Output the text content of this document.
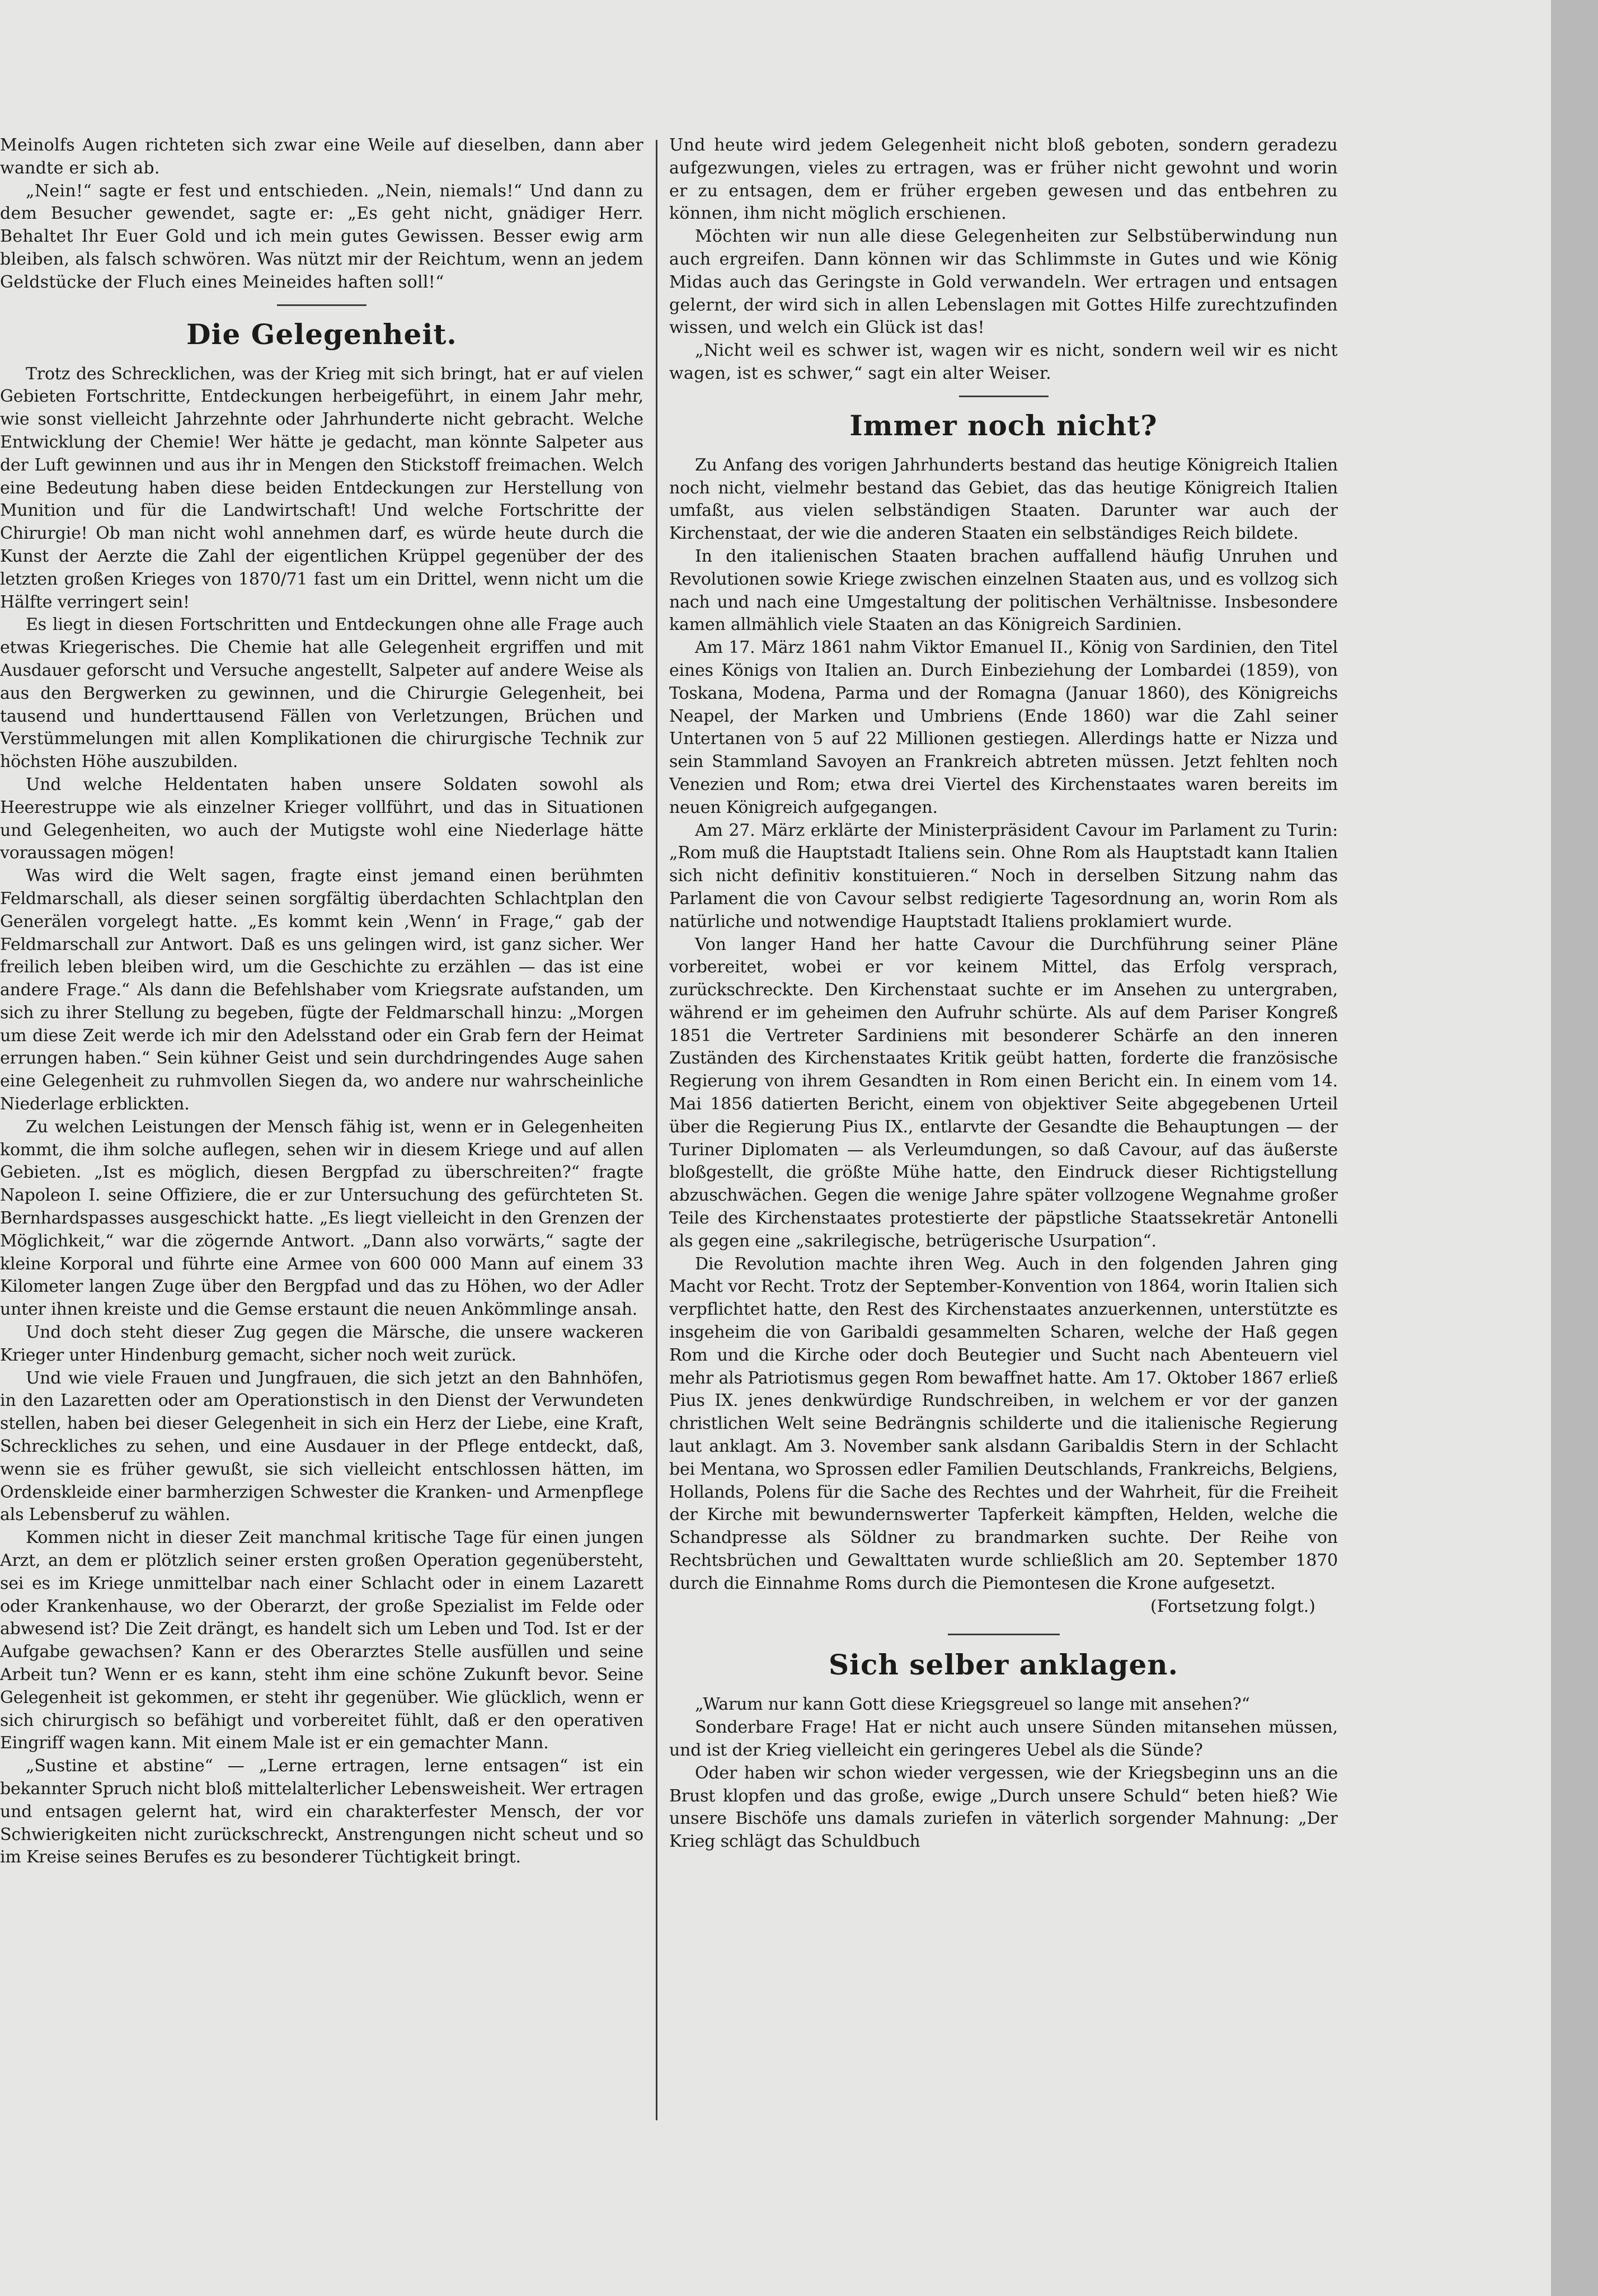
Meinolfs Augen richteten sich zwar eine Weile auf dieselben, dann aber wandte er sich ab.

„Nein!“ sagte er fest und entschieden. „Nein, niemals!“ Und dann zu dem Besucher gewendet, sagte er: „Es geht nicht, gnädiger Herr. Behaltet Ihr Euer Gold und ich mein gutes Gewissen. Besser ewig arm bleiben, als falsch schwören. Was nützt mir der Reichtum, wenn an jedem Geldstücke der Fluch eines Meineides haften soll!“

Die Gelegenheit.

Trotz des Schrecklichen, was der Krieg mit sich bringt, hat er auf vielen Gebieten Fortschritte, Entdeckungen herbeigeführt, in einem Jahr mehr, wie sonst vielleicht Jahrzehnte oder Jahrhunderte nicht gebracht. Welche Entwicklung der Chemie! Wer hätte je gedacht, man könnte Salpeter aus der Luft gewinnen und aus ihr in Mengen den Stickstoff freimachen. Welch eine Bedeutung haben diese beiden Entdeckungen zur Herstellung von Munition und für die Landwirtschaft! Und welche Fortschritte der Chirurgie! Ob man nicht wohl annehmen darf, es würde heute durch die Kunst der Aerzte die Zahl der eigentlichen Krüppel gegenüber der des letzten großen Krieges von 1870/71 fast um ein Drittel, wenn nicht um die Hälfte verringert sein!

Es liegt in diesen Fortschritten und Entdeckungen ohne alle Frage auch etwas Kriegerisches. Die Chemie hat alle Gelegenheit ergriffen und mit Ausdauer geforscht und Versuche angestellt, Salpeter auf andere Weise als aus den Bergwerken zu gewinnen, und die Chirurgie Gelegenheit, bei tausend und hunderttausend Fällen von Verletzungen, Brüchen und Verstümmelungen mit allen Komplikationen die chirurgische Technik zur höchsten Höhe auszubilden.

Und welche Heldentaten haben unsere Soldaten sowohl als Heerestruppe wie als einzelner Krieger vollführt, und das in Situationen und Gelegenheiten, wo auch der Mutigste wohl eine Niederlage hätte voraussagen mögen!

Was wird die Welt sagen, fragte einst jemand einen berühmten Feldmarschall, als dieser seinen sorgfältig überdachten Schlachtplan den Generälen vorgelegt hatte. „Es kommt kein ‚Wenn‘ in Frage,“ gab der Feldmarschall zur Antwort. Daß es uns gelingen wird, ist ganz sicher. Wer freilich leben bleiben wird, um die Geschichte zu erzählen — das ist eine andere Frage.“ Als dann die Befehlshaber vom Kriegsrate aufstanden, um sich zu ihrer Stellung zu begeben, fügte der Feldmarschall hinzu: „Morgen um diese Zeit werde ich mir den Adelsstand oder ein Grab fern der Heimat errungen haben.“ Sein kühner Geist und sein durchdringendes Auge sahen eine Gelegenheit zu ruhmvollen Siegen da, wo andere nur wahrscheinliche Niederlage erblickten.

Zu welchen Leistungen der Mensch fähig ist, wenn er in Gelegenheiten kommt, die ihm solche auflegen, sehen wir in diesem Kriege und auf allen Gebieten. „Ist es möglich, diesen Bergpfad zu überschreiten?“ fragte Napoleon I. seine Offiziere, die er zur Untersuchung des gefürchteten St. Bernhardspasses ausgeschickt hatte. „Es liegt vielleicht in den Grenzen der Möglichkeit,“ war die zögernde Antwort. „Dann also vorwärts,“ sagte der kleine Korporal und führte eine Armee von 600 000 Mann auf einem 33 Kilometer langen Zuge über den Bergpfad und das zu Höhen, wo der Adler unter ihnen kreiste und die Gemse erstaunt die neuen Ankömmlinge ansah.

Und doch steht dieser Zug gegen die Märsche, die unsere wackeren Krieger unter Hindenburg gemacht, sicher noch weit zurück.

Und wie viele Frauen und Jungfrauen, die sich jetzt an den Bahnhöfen, in den Lazaretten oder am Operationstisch in den Dienst der Verwundeten stellen, haben bei dieser Gelegenheit in sich ein Herz der Liebe, eine Kraft, Schreckliches zu sehen, und eine Ausdauer in der Pflege entdeckt, daß, wenn sie es früher gewußt, sie sich vielleicht entschlossen hätten, im Ordenskleide einer barmherzigen Schwester die Kranken- und Armenpflege als Lebensberuf zu wählen.

Kommen nicht in dieser Zeit manchmal kritische Tage für einen jungen Arzt, an dem er plötzlich seiner ersten großen Operation gegenübersteht, sei es im Kriege unmittelbar nach einer Schlacht oder in einem Lazarett oder Krankenhause, wo der Oberarzt, der große Spezialist im Felde oder abwesend ist? Die Zeit drängt, es handelt sich um Leben und Tod. Ist er der Aufgabe gewachsen? Kann er des Oberarztes Stelle ausfüllen und seine Arbeit tun? Wenn er es kann, steht ihm eine schöne Zukunft bevor. Seine Gelegenheit ist gekommen, er steht ihr gegenüber. Wie glücklich, wenn er sich chirurgisch so befähigt und vorbereitet fühlt, daß er den operativen Eingriff wagen kann. Mit einem Male ist er ein gemachter Mann.

„Sustine et abstine“ — „Lerne ertragen, lerne entsagen“ ist ein bekannter Spruch nicht bloß mittelalterlicher Lebensweisheit. Wer ertragen und entsagen gelernt hat, wird ein charakterfester Mensch, der vor Schwierigkeiten nicht zurückschreckt, Anstrengungen nicht scheut und so im Kreise seines Berufes es zu besonderer Tüchtigkeit bringt.

Und heute wird jedem Gelegenheit nicht bloß geboten, sondern geradezu aufgezwungen, vieles zu ertragen, was er früher nicht gewohnt und worin er zu entsagen, dem er früher ergeben gewesen und das entbehren zu können, ihm nicht möglich erschienen.

Möchten wir nun alle diese Gelegenheiten zur Selbstüberwindung nun auch ergreifen. Dann können wir das Schlimmste in Gutes und wie König Midas auch das Geringste in Gold verwandeln. Wer ertragen und entsagen gelernt, der wird sich in allen Lebenslagen mit Gottes Hilfe zurechtzufinden wissen, und welch ein Glück ist das!

„Nicht weil es schwer ist, wagen wir es nicht, sondern weil wir es nicht wagen, ist es schwer,“ sagt ein alter Weiser.

Immer noch nicht?

Zu Anfang des vorigen Jahrhunderts bestand das heutige Königreich Italien noch nicht, vielmehr bestand das Gebiet, das das heutige Königreich Italien umfaßt, aus vielen selbständigen Staaten. Darunter war auch der Kirchenstaat, der wie die anderen Staaten ein selbständiges Reich bildete.

In den italienischen Staaten brachen auffallend häufig Unruhen und Revolutionen sowie Kriege zwischen einzelnen Staaten aus, und es vollzog sich nach und nach eine Umgestaltung der politischen Verhältnisse. Insbesondere kamen allmählich viele Staaten an das Königreich Sardinien.

Am 17. März 1861 nahm Viktor Emanuel II., König von Sardinien, den Titel eines Königs von Italien an. Durch Einbeziehung der Lombardei (1859), von Toskana, Modena, Parma und der Romagna (Januar 1860), des Königreichs Neapel, der Marken und Umbriens (Ende 1860) war die Zahl seiner Untertanen von 5 auf 22 Millionen gestiegen. Allerdings hatte er Nizza und sein Stammland Savoyen an Frankreich abtreten müssen. Jetzt fehlten noch Venezien und Rom; etwa drei Viertel des Kirchenstaates waren bereits im neuen Königreich aufgegangen.

Am 27. März erklärte der Ministerpräsident Cavour im Parlament zu Turin: „Rom muß die Hauptstadt Italiens sein. Ohne Rom als Hauptstadt kann Italien sich nicht definitiv konstituieren.“ Noch in derselben Sitzung nahm das Parlament die von Cavour selbst redigierte Tagesordnung an, worin Rom als natürliche und notwendige Hauptstadt Italiens proklamiert wurde.

Von langer Hand her hatte Cavour die Durchführung seiner Pläne vorbereitet, wobei er vor keinem Mittel, das Erfolg versprach, zurückschreckte. Den Kirchenstaat suchte er im Ansehen zu untergraben, während er im geheimen den Aufruhr schürte. Als auf dem Pariser Kongreß 1851 die Vertreter Sardiniens mit besonderer Schärfe an den inneren Zuständen des Kirchenstaates Kritik geübt hatten, forderte die französische Regierung von ihrem Gesandten in Rom einen Bericht ein. In einem vom 14. Mai 1856 datierten Bericht, einem von objektiver Seite abgegebenen Urteil über die Regierung Pius IX., entlarvte der Gesandte die Behauptungen — der Turiner Diplomaten — als Verleumdungen, so daß Cavour, auf das äußerste bloßgestellt, die größte Mühe hatte, den Eindruck dieser Richtigstellung abzuschwächen. Gegen die wenige Jahre später vollzogene Wegnahme großer Teile des Kirchenstaates protestierte der päpstliche Staatssekretär Antonelli als gegen eine „sakrilegische, betrügerische Usurpation“.

Die Revolution machte ihren Weg. Auch in den folgenden Jahren ging Macht vor Recht. Trotz der September-Konvention von 1864, worin Italien sich verpflichtet hatte, den Rest des Kirchenstaates anzuerkennen, unterstützte es insgeheim die von Garibaldi gesammelten Scharen, welche der Haß gegen Rom und die Kirche oder doch Beutegier und Sucht nach Abenteuern viel mehr als Patriotismus gegen Rom bewaffnet hatte. Am 17. Oktober 1867 erließ Pius IX. jenes denkwürdige Rundschreiben, in welchem er vor der ganzen christlichen Welt seine Bedrängnis schilderte und die italienische Regierung laut anklagt. Am 3. November sank alsdann Garibaldis Stern in der Schlacht bei Mentana, wo Sprossen edler Familien Deutschlands, Frankreichs, Belgiens, Hollands, Polens für die Sache des Rechtes und der Wahrheit, für die Freiheit der Kirche mit bewundernswerter Tapferkeit kämpften, Helden, welche die Schandpresse als Söldner zu brandmarken suchte. Der Reihe von Rechtsbrüchen und Gewalttaten wurde schließlich am 20. September 1870 durch die Einnahme Roms durch die Piemontesen die Krone aufgesetzt.

(Fortsetzung folgt.)
Sich selber anklagen.

„Warum nur kann Gott diese Kriegsgreuel so lange mit ansehen?“

Sonderbare Frage! Hat er nicht auch unsere Sünden mitansehen müssen, und ist der Krieg vielleicht ein geringeres Uebel als die Sünde?

Oder haben wir schon wieder vergessen, wie der Kriegsbeginn uns an die Brust klopfen und das große, ewige „Durch unsere Schuld“ beten hieß? Wie unsere Bischöfe uns damals zuriefen in väterlich sorgender Mahnung: „Der Krieg schlägt das Schuldbuch
